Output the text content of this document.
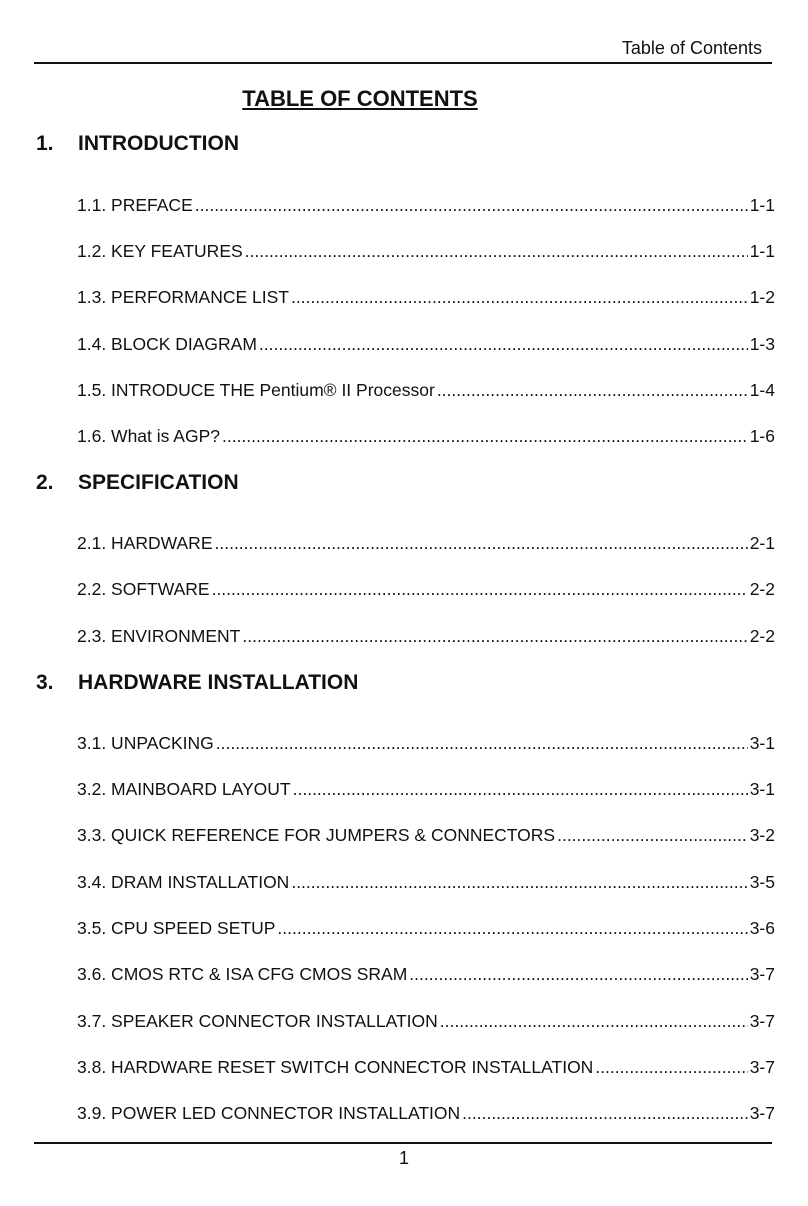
Table of Contents
TABLE OF CONTENTS
1. INTRODUCTION
1.1. PREFACE .....	1-1
1.2. KEY FEATURES .....	1-1
1.3. PERFORMANCE LIST .....	1-2
1.4. BLOCK DIAGRAM .....	1-3
1.5. INTRODUCE THE Pentium® II Processor .....	1-4
1.6. What is AGP? .....	1-6
2. SPECIFICATION
2.1. HARDWARE .....	2-1
2.2. SOFTWARE .....	2-2
2.3. ENVIRONMENT .....	2-2
3. HARDWARE INSTALLATION
3.1. UNPACKING .....	3-1
3.2. MAINBOARD LAYOUT .....	3-1
3.3. QUICK REFERENCE FOR JUMPERS & CONNECTORS .....	3-2
3.4. DRAM INSTALLATION .....	3-5
3.5. CPU SPEED SETUP .....	3-6
3.6. CMOS RTC & ISA CFG CMOS SRAM .....	3-7
3.7. SPEAKER CONNECTOR INSTALLATION .....	3-7
3.8. HARDWARE RESET SWITCH CONNECTOR INSTALLATION .....	3-7
3.9. POWER LED CONNECTOR INSTALLATION .....	3-7
1
